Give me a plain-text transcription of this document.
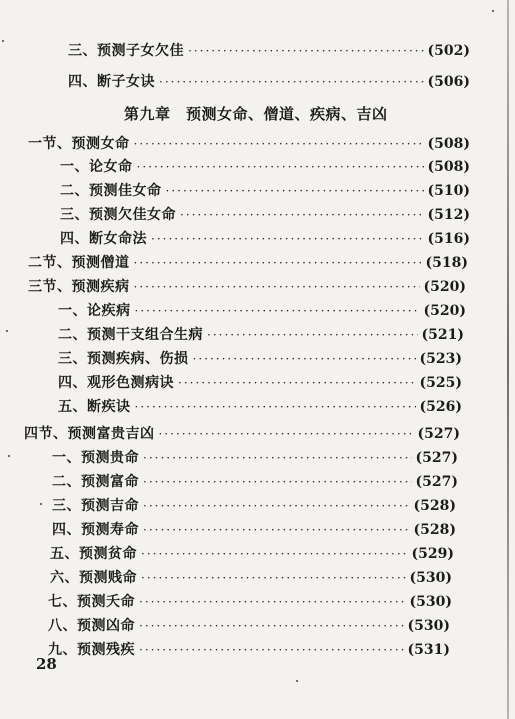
三、预测子女欠佳 ·····	(502)
四、断子女诀 ·····	(506)
第九章　预测女命、僧道、疾病、吉凶
一节、预测女命 ·····	(508)
一、论女命 ·····	(508)
二、预测佳女命 ·····	(510)
三、预测欠佳女命 ·····	(512)
四、断女命法 ·····	(516)
二节、预测僧道 ·····	(518)
三节、预测疾病 ·····	(520)
一、论疾病 ·····	(520)
二、预测干支组合生病 ·····	(521)
三、预测疾病、伤损 ·····	(523)
四、观形色测病诀 ·····	(525)
五、断疾诀 ·····	(526)
四节、预测富贵吉凶 ·····	(527)
一、预测贵命 ·····	(527)
二、预测富命 ·····	(527)
三、预测吉命 ·····	(528)
四、预测寿命 ·····	(528)
五、预测贫命 ·····	(529)
六、预测贱命 ·····	(530)
七、预测夭命 ·····	(530)
八、预测凶命 ·····	(530)
九、预测残疾 ·····	(531)
28
